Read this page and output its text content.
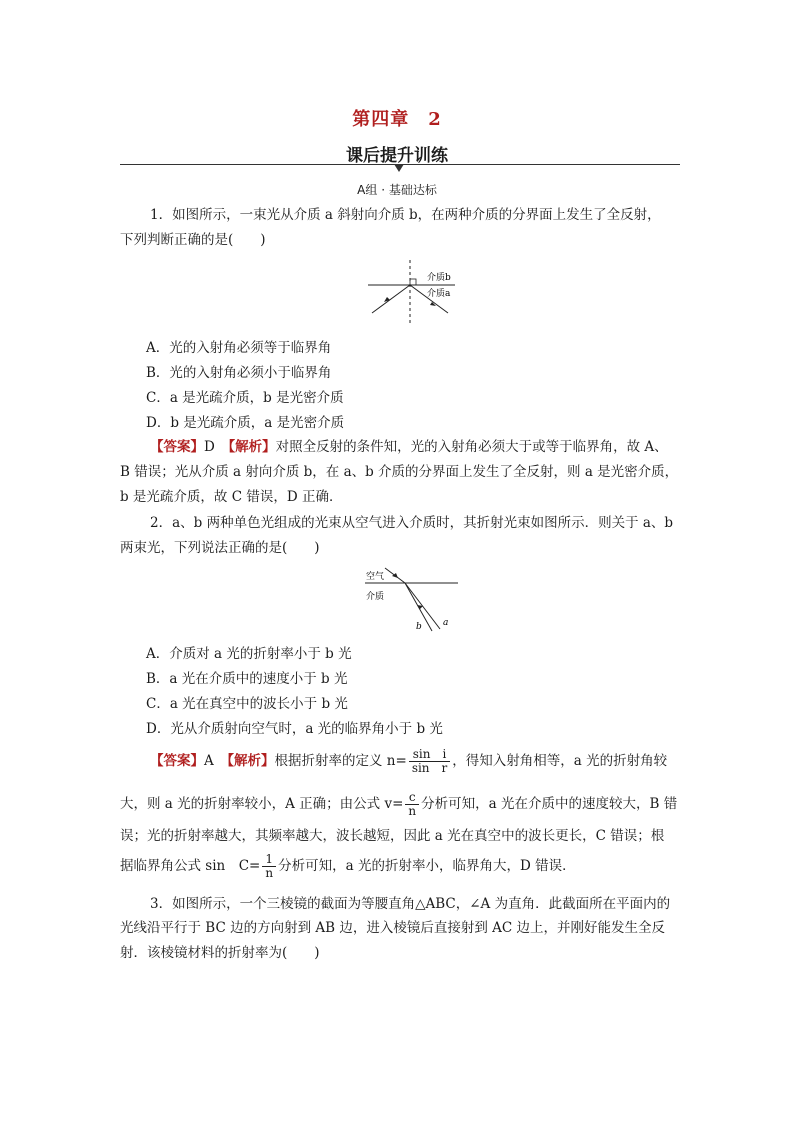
第四章　2
课后提升训练
A组 · 基础达标
1．如图所示，一束光从介质 a 斜射向介质 b，在两种介质的分界面上发生了全反射，
下列判断正确的是(　　)
介质b
介质a
A．光的入射角必须等于临界角
B．光的入射角必须小于临界角
C．a 是光疏介质，b 是光密介质
D．b 是光疏介质，a 是光密介质
【答案】D　 【解析】对照全反射的条件知，光的入射角必须大于或等于临界角，故 A、
B 错误；光从介质 a 射向介质 b，在 a、b 介质的分界面上发生了全反射，则 a 是光密介质，
b 是光疏介质，故 C 错误，D 正确．
2．a、b 两种单色光组成的光束从空气进入介质时，其折射光束如图所示．则关于 a、b
两束光，下列说法正确的是(　　)
空气
介质
b a
A．介质对 a 光的折射率小于 b 光
B．a 光在介质中的速度小于 b 光
C．a 光在真空中的波长小于 b 光
D．光从介质射向空气时，a 光的临界角小于 b 光
【答案】A　 【解析】根据折射率的定义 $n= \frac{\text{sin　i}}{\text{sin　r}}$ ，得知入射角相等，a 光的折射角较
大，则 a 光的折射率较小，A 正确；由公式 $v= \frac{c}{n}$ 分析可知，a 光在介质中的速度较大，B 错
误；光的折射率越大，其频率越大，波长越短，因此 a 光在真空中的波长更长，C 错误；根
据临界角公式 sin　$C= \frac{1}{n}$ 分析可知，a 光的折射率小，临界角大，D 错误．
3．如图所示，一个三棱镜的截面为等腰直角△ABC，∠A 为直角．此截面所在平面内的
光线沿平行于 BC 边的方向射到 AB 边，进入棱镜后直接射到 AC 边上，并刚好能发生全反
射．该棱镜材料的折射率为(　　)
